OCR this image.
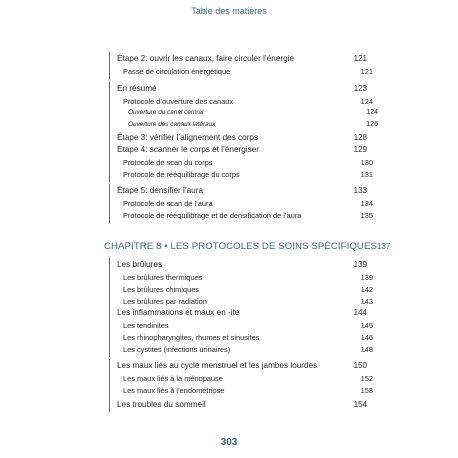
Table des matières
Étape 2: ouvrir les canaux, faire circuler l’énergie	121
Passe de circulation énergétique	121
En résumé	123
Protocole d’ouverture des canaux	124
Ouverture du canal central	124
Ouverture des canaux latéraux	126
Étape 3: vérifier l’alignement des corps	128
Étape 4: scanner le corps et l’énergiser	129
Protocole de scan du corps	130
Protocole de rééquilibrage du corps	131
Étape 5: densifier l’aura	133
Protocole de scan de l’aura	134
Protocole de rééquilibrage et de densification de l’aura	135
Les brûlures	139
Les brûlures thermiques	139
Les brûlures chimiques	142
Les brûlures par radiation	143
Les inflammations et maux en -ite	144
Les tendinites	145
Les rhinopharyngites, rhumes et sinusites	146
Les cystites (infections urinaires)	148
Les maux liés au cycle menstruel et les jambes lourdes	150
Les maux liés à la ménopause	152
Les maux liés à l’endométriose	153
Les troubles du sommeil	154
CHAPITRE 8 • LES PROTOCOLES DE SOINS SPÉCIFIQUES 137
303
